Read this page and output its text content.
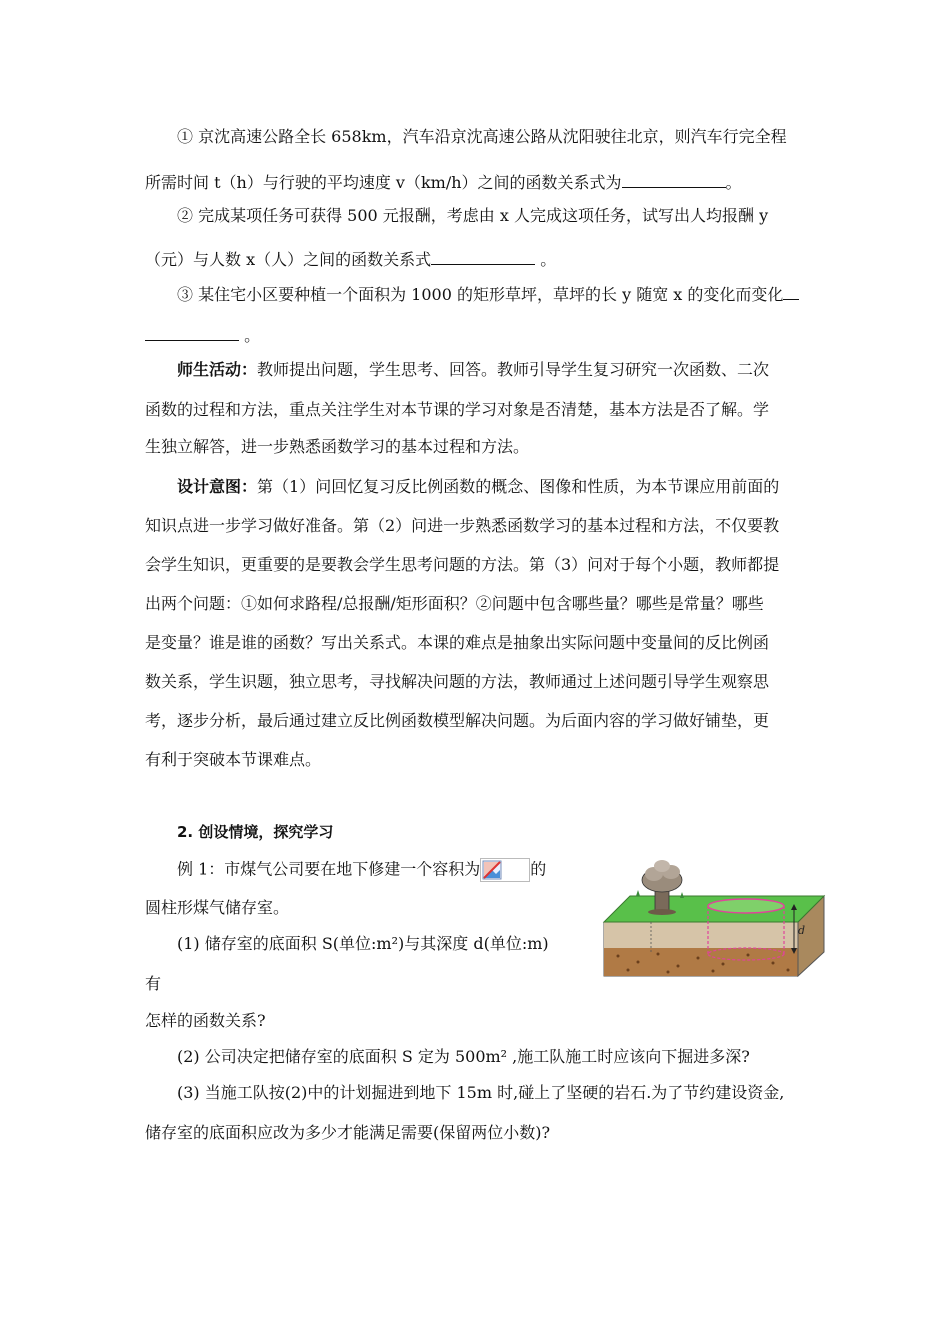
① 京沈高速公路全长 658km，汽车沿京沈高速公路从沈阳驶往北京，则汽车行完全程
所需时间 t（h）与行驶的平均速度 v（km/h）之间的函数关系式为	。
② 完成某项任务可获得 500 元报酬，考虑由 x 人完成这项任务，试写出人均报酬 y
（元）与人数 x（人）之间的函数关系式	。
③ 某住宅小区要种植一个面积为 1000 的矩形草坪，草坪的长 y 随宽 x 的变化而变化
。
师生活动：教师提出问题，学生思考、回答。教师引导学生复习研究一次函数、二次
函数的过程和方法，重点关注学生对本节课的学习对象是否清楚，基本方法是否了解。学
生独立解答，进一步熟悉函数学习的基本过程和方法。
设计意图：第（1）问回忆复习反比例函数的概念、图像和性质，为本节课应用前面的
知识点进一步学习做好准备。第（2）问进一步熟悉函数学习的基本过程和方法，不仅要教
会学生知识，更重要的是要教会学生思考问题的方法。第（3）问对于每个小题，教师都提
出两个问题：①如何求路程/总报酬/矩形面积？②问题中包含哪些量？哪些是常量？哪些
是变量？谁是谁的函数？写出关系式。本课的难点是抽象出实际问题中变量间的反比例函
数关系，学生识题，独立思考，寻找解决问题的方法，教师通过上述问题引导学生观察思
考，逐步分析，最后通过建立反比例函数模型解决问题。为后面内容的学习做好铺垫，更
有利于突破本节课难点。
2. 创设情境，探究学习
例 1：市煤气公司要在地下修建一个容积为	的
圆柱形煤气储存室。
(1) 储存室的底面积 S(单位:m²)与其深度 d(单位:m)
有
怎样的函数关系?
(2) 公司决定把储存室的底面积 S 定为 500m² ,施工队施工时应该向下掘进多深?
(3) 当施工队按(2)中的计划掘进到地下 15m 时,碰上了坚硬的岩石.为了节约建设资金,
储存室的底面积应改为多少才能满足需要(保留两位小数)?
d
